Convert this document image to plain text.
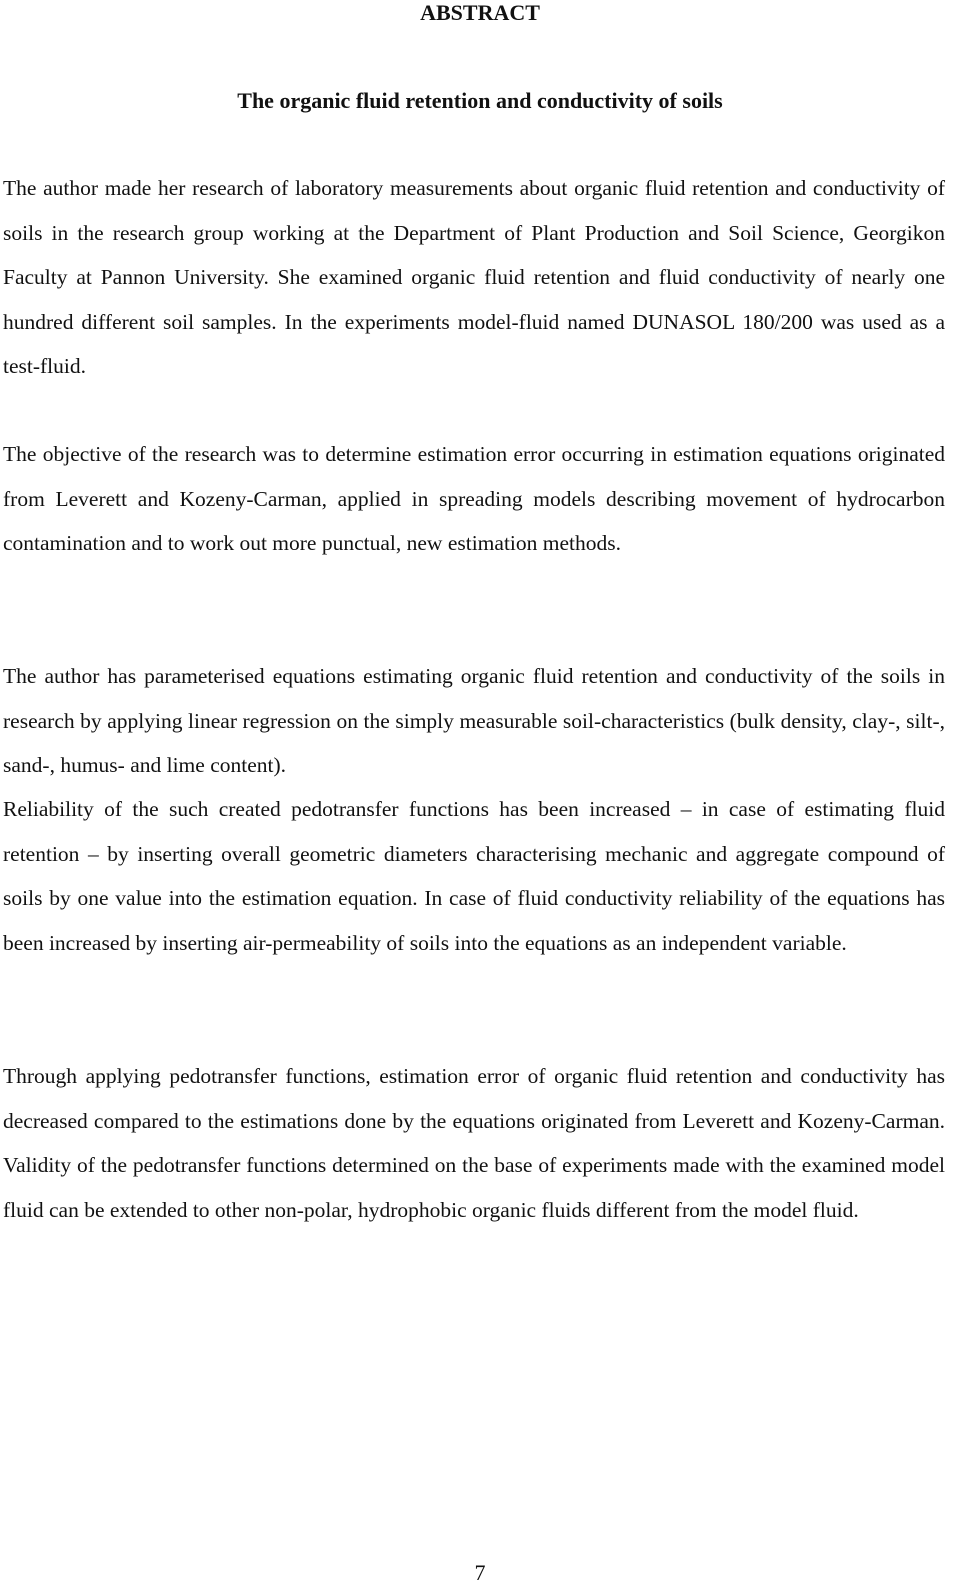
ABSTRACT
The organic fluid retention and conductivity of soils

The author made her research of laboratory measurements about organic fluid retention and conductivity of soils in the research group working at the Department of Plant Production and Soil Science, Georgikon Faculty at Pannon University. She examined organic fluid retention and fluid conductivity of nearly one hundred different soil samples. In the experiments model-fluid named DUNASOL 180/200 was used as a test-fluid.

The objective of the research was to determine estimation error occurring in estimation equations originated from Leverett and Kozeny-Carman, applied in spreading models describing movement of hydrocarbon contamination and to work out more punctual, new estimation methods.

The author has parameterised equations estimating organic fluid retention and conductivity of the soils in research by applying linear regression on the simply measurable soil-characteristics (bulk density, clay-, silt-, sand-, humus- and lime content).

Reliability of the such created pedotransfer functions has been increased – in case of estimating fluid retention – by inserting overall geometric diameters characterising mechanic and aggregate compound of soils by one value into the estimation equation. In case of fluid conductivity reliability of the equations has been increased by inserting air-permeability of soils into the equations as an independent variable.

Through applying pedotransfer functions, estimation error of organic fluid retention and conductivity has decreased compared to the estimations done by the equations originated from Leverett and Kozeny-Carman. Validity of the pedotransfer functions determined on the base of experiments made with the examined model fluid can be extended to other non-polar, hydrophobic organic fluids different from the model fluid.

7
